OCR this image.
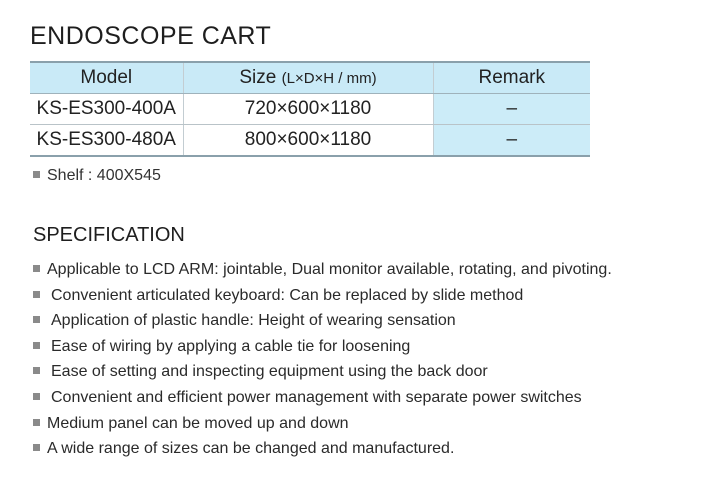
ENDOSCOPE CART
Model	Size (L×D×H / mm)	Remark
KS-ES300-400A	720×600×1180	–
KS-ES300-480A	800×600×1180	–
Shelf : 400X545
SPECIFICATION
Applicable to LCD ARM: jointable, Dual monitor available, rotating, and pivoting.
Convenient articulated keyboard: Can be replaced by slide method
Application of plastic handle: Height of wearing sensation
Ease of wiring by applying a cable tie for loosening
Ease of setting and inspecting equipment using the back door
Convenient and efficient power management with separate power switches
Medium panel can be moved up and down
A wide range of sizes can be changed and manufactured.
